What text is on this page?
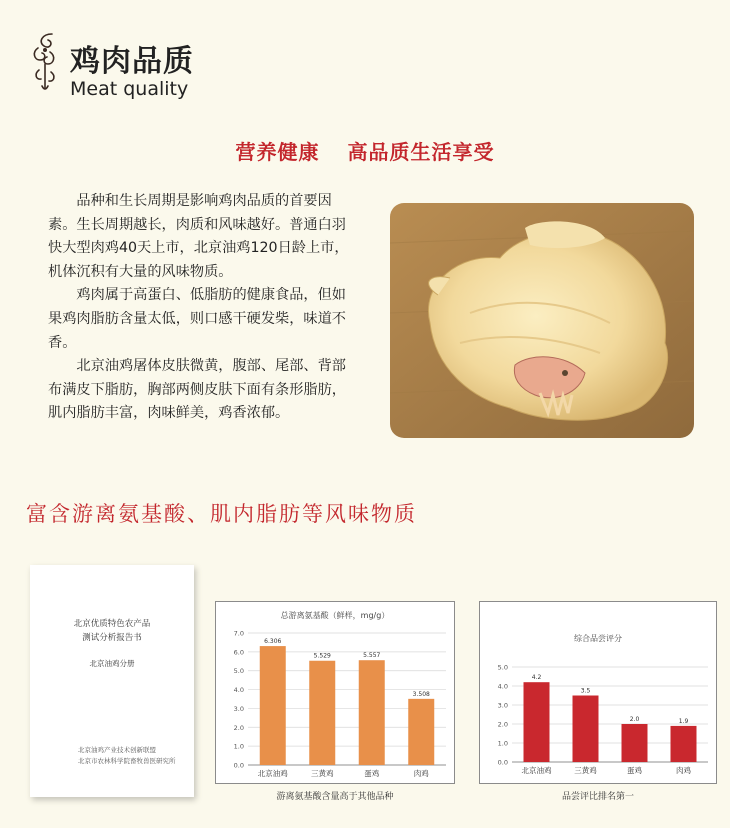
鸡肉品质
Meat quality
营养健康 高品质生活享受

品种和生长周期是影响鸡肉品质的首要因素。生长周期越长，肉质和风味越好。普通白羽快大型肉鸡40天上市，北京油鸡120日龄上市，机体沉积有大量的风味物质。

鸡肉属于高蛋白、低脂肪的健康食品，但如果鸡肉脂肪含量太低，则口感干硬发柴，味道不香。

北京油鸡屠体皮肤微黄，腹部、尾部、背部布满皮下脂肪，胸部两侧皮肤下面有条形脂肪，肌内脂肪丰富，肉味鲜美，鸡香浓郁。

富含游离氨基酸、肌内脂肪等风味物质
北京优质特色农产品
测试分析报告书
北京油鸡分册
北京油鸡产业技术创新联盟
北京市农林科学院畜牧兽医研究所
总游离氨基酸（鲜样，mg/g）
0.0
1.0
2.0
3.0
4.0
5.0
6.0
7.0
6.306
北京油鸡
5.529
三黄鸡
5.557
蛋鸡
3.508
肉鸡
游离氨基酸含量高于其他品种
综合品尝评分
0.0
1.0
2.0
3.0
4.0
5.0
4.2
北京油鸡
3.5
三黄鸡
2.0
蛋鸡
1.9
肉鸡
品尝评比排名第一
